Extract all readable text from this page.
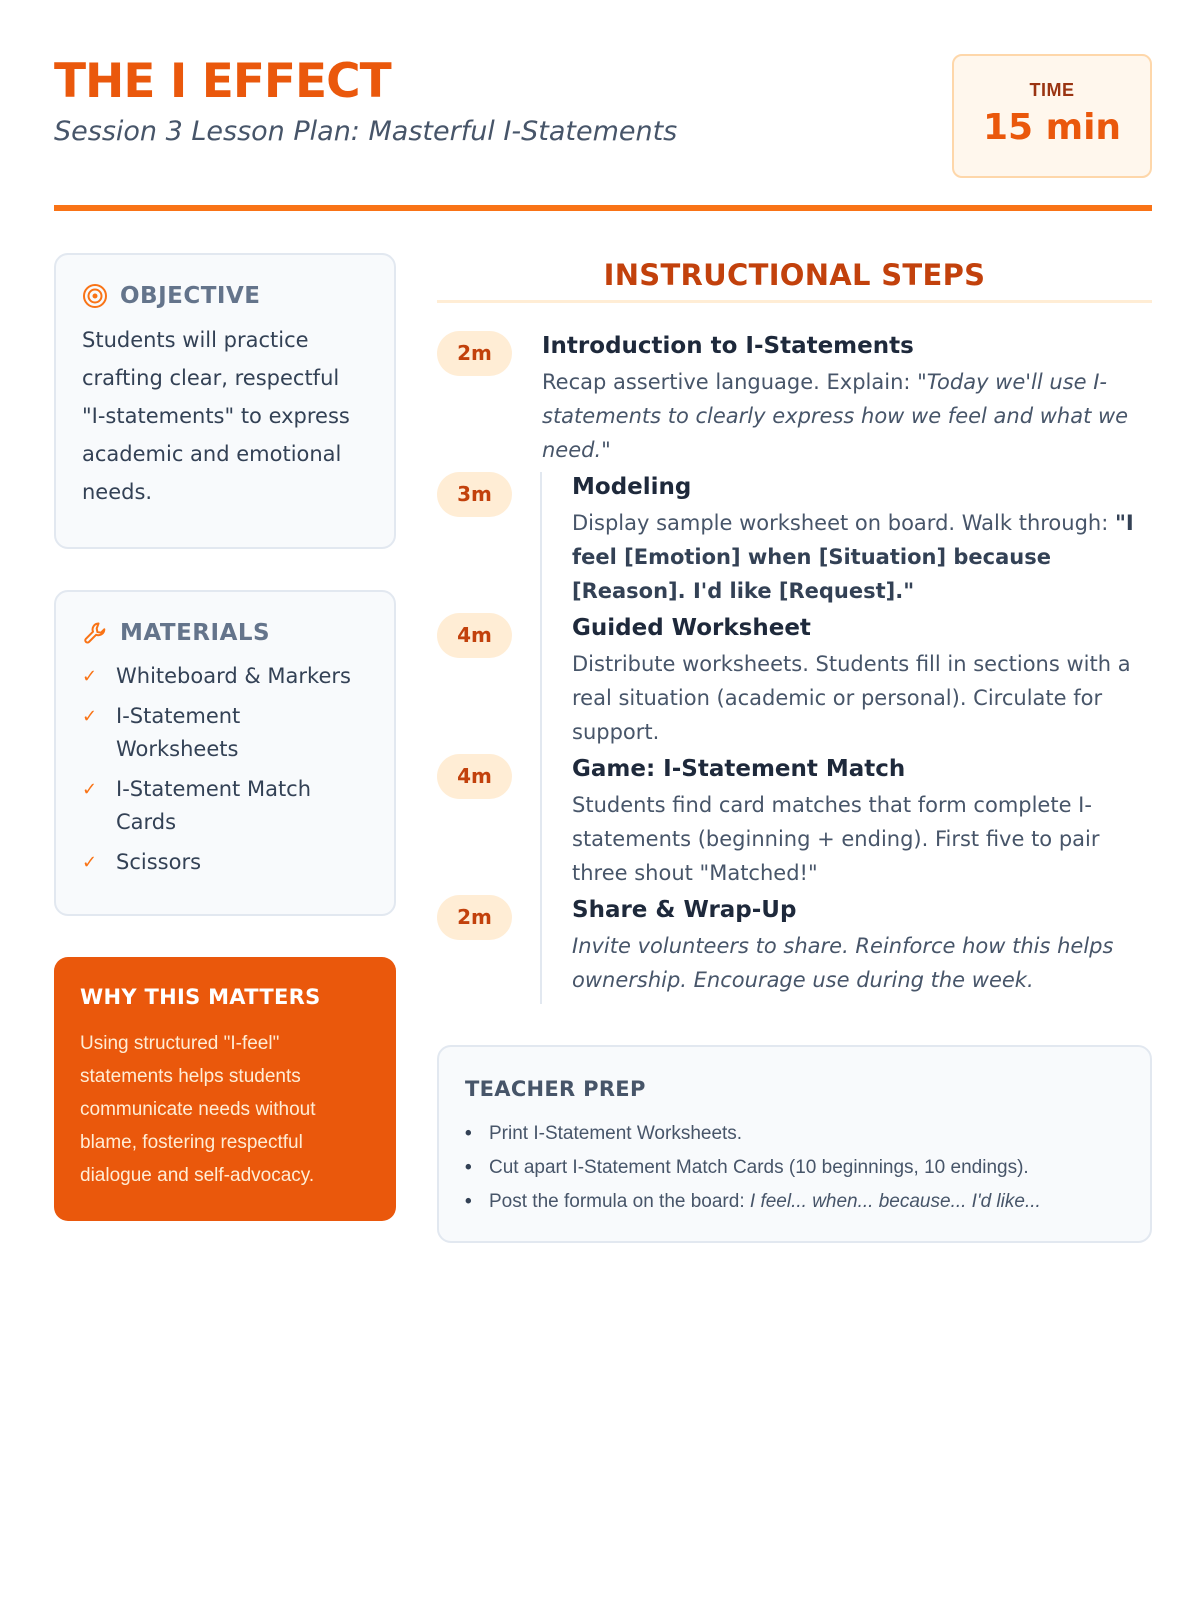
THE I EFFECT
Session 3 Lesson Plan: Masterful I-Statements
TIME
15 min
OBJECTIVE
Students will practice crafting clear, respectful "I-statements" to express academic and emotional needs.
MATERIALS
✓ Whiteboard & Markers
✓ I-Statement Worksheets
✓ I-Statement Match Cards
✓ Scissors
WHY THIS MATTERS
Using structured "I-feel" statements helps students communicate needs without blame, fostering respectful dialogue and self-advocacy.
INSTRUCTIONAL STEPS
2m	Introduction to I-Statements
Recap assertive language. Explain: "Today we'll use I-statements to clearly express how we feel and what we need."
3m	Modeling
Display sample worksheet on board. Walk through: "I feel [Emotion] when [Situation] because [Reason]. I'd like [Request]."
4m	Guided Worksheet
Distribute worksheets. Students fill in sections with a real situation (academic or personal). Circulate for support.
4m	Game: I-Statement Match
Students find card matches that form complete I-statements (beginning + ending). First five to pair three shout "Matched!"
2m	Share & Wrap-Up
Invite volunteers to share. Reinforce how this helps ownership. Encourage use during the week.
TEACHER PREP
• Print I-Statement Worksheets.
• Cut apart I-Statement Match Cards (10 beginnings, 10 endings).
• Post the formula on the board: I feel... when... because... I'd like...
